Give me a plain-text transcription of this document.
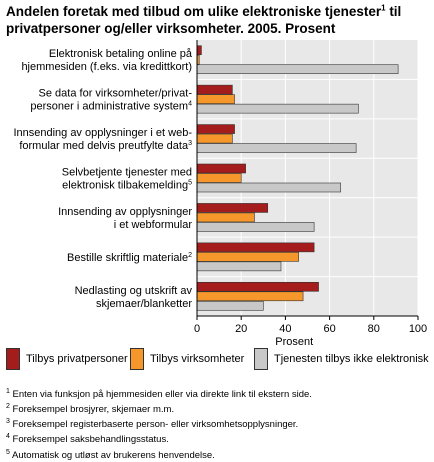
Andelen foretak med tilbud om ulike elektroniske tjenester$^1$ til
privatpersoner og/eller virksomheter. 2005. Prosent
Elektronisk betaling online på hjemmesiden (f.eks. via kredittkort)
Se data for virksomheter/privat-personer i administrative system$^4$
Innsending av opplysninger i et web-formular med delvis preutfylte data$^3$
Selvbetjente tjenester med elektronisk tilbakemelding$^5$
Innsending av opplysninger i et webformular
Bestille skriftlig materiale$^2$
Nedlasting og utskrift av skjemaer/blanketter
0	20	40	60	80	100
Prosent
Tilbys privatpersoner Tilbys virksomheter	Tjenesten tilbys ikke elektronisk
$^1$ Enten via funksjon på hjemmesiden eller via direkte link til ekstern side.
$^2$ Foreksempel brosjyrer, skjemaer m.m.
$^3$ Foreksempel registerbaserte person- eller virksomhetsopplysninger.
$^4$ Foreksempel saksbehandlingsstatus.
$^5$ Automatisk og utløst av brukerens henvendelse.
